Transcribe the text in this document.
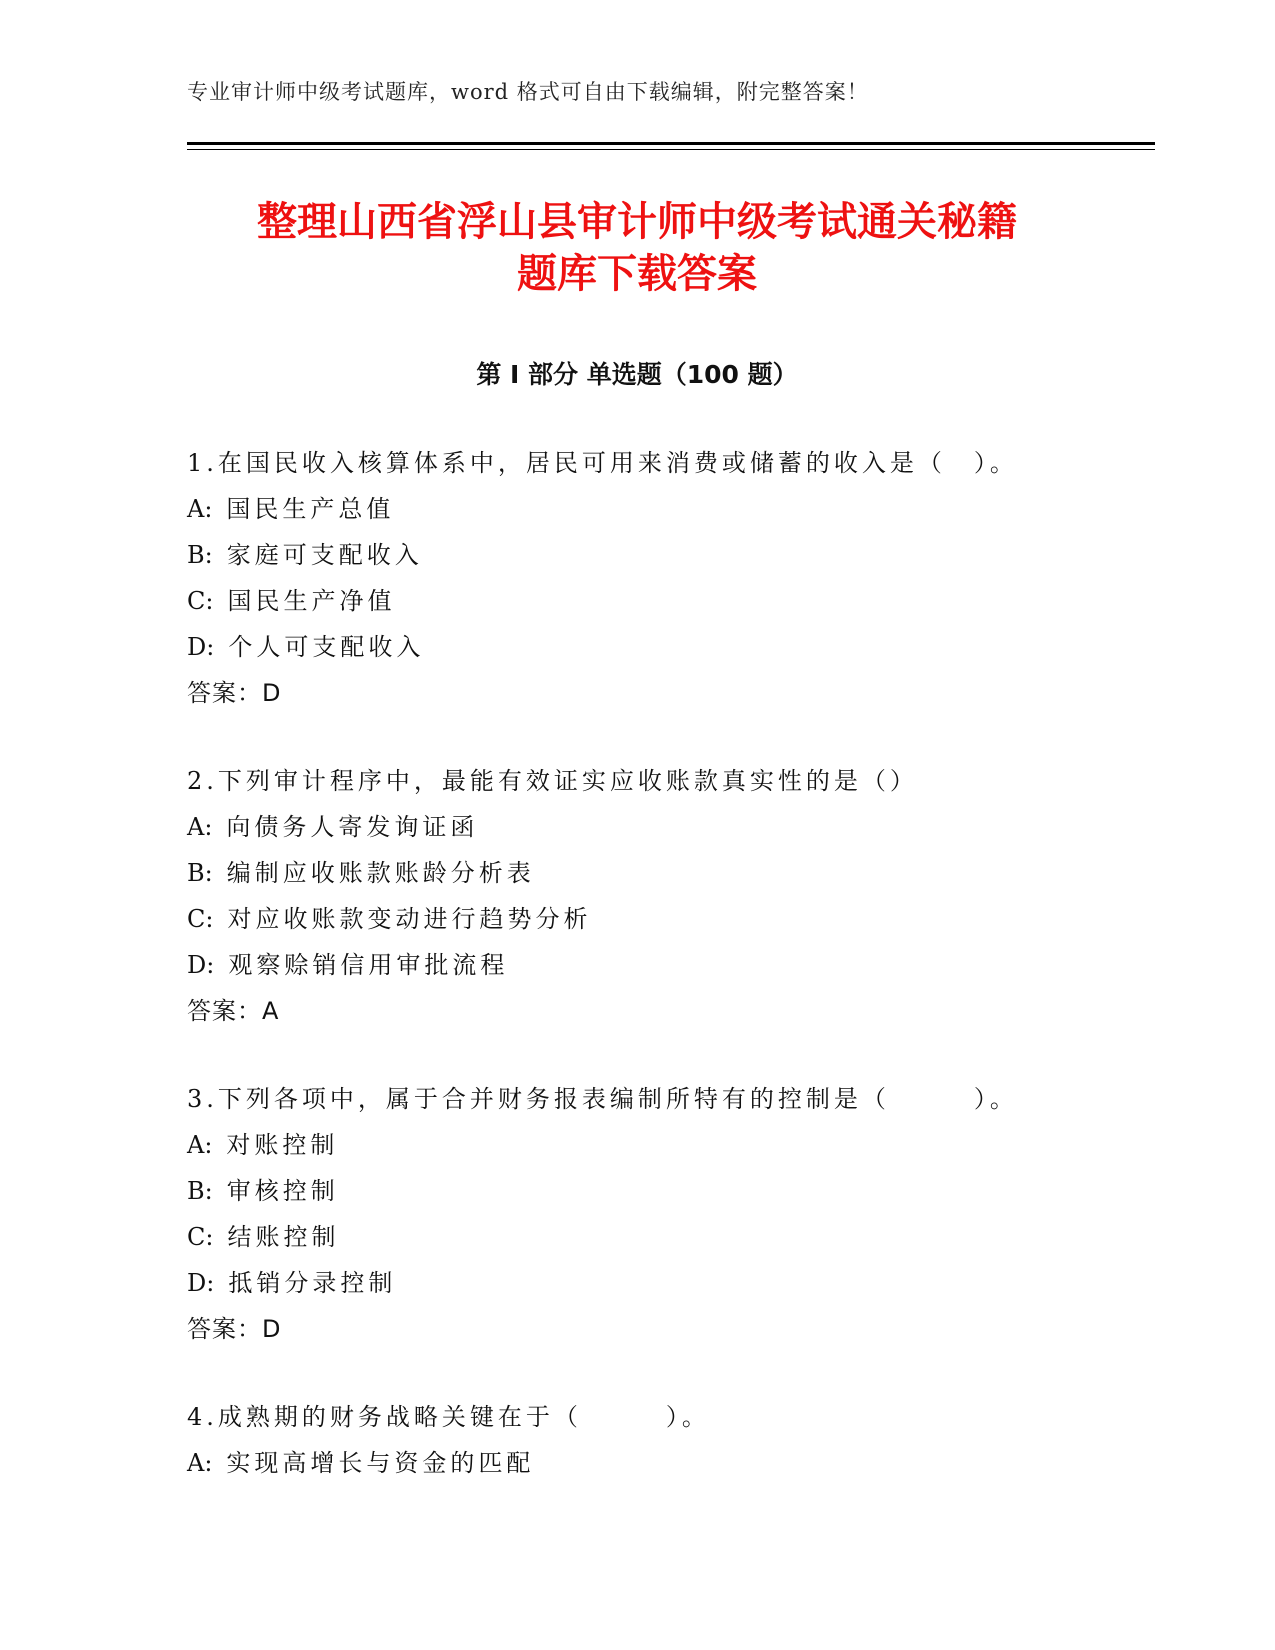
专业审计师中级考试题库，word 格式可自由下载编辑，附完整答案！
整理山西省浮山县审计师中级考试通关秘籍
题库下载答案
第 I 部分 单选题（100 题）
1.在国民收入核算体系中，居民可用来消费或储蓄的收入是（　）。
A: 国民生产总值
B: 家庭可支配收入
C: 国民生产净值
D: 个人可支配收入
答案：D
2.下列审计程序中，最能有效证实应收账款真实性的是（）
A: 向债务人寄发询证函
B: 编制应收账款账龄分析表
C: 对应收账款变动进行趋势分析
D: 观察赊销信用审批流程
答案：A
3.下列各项中，属于合并财务报表编制所特有的控制是（　　　）。
A: 对账控制
B: 审核控制
C: 结账控制
D: 抵销分录控制
答案：D
4.成熟期的财务战略关键在于（　　　）。
A: 实现高增长与资金的匹配
